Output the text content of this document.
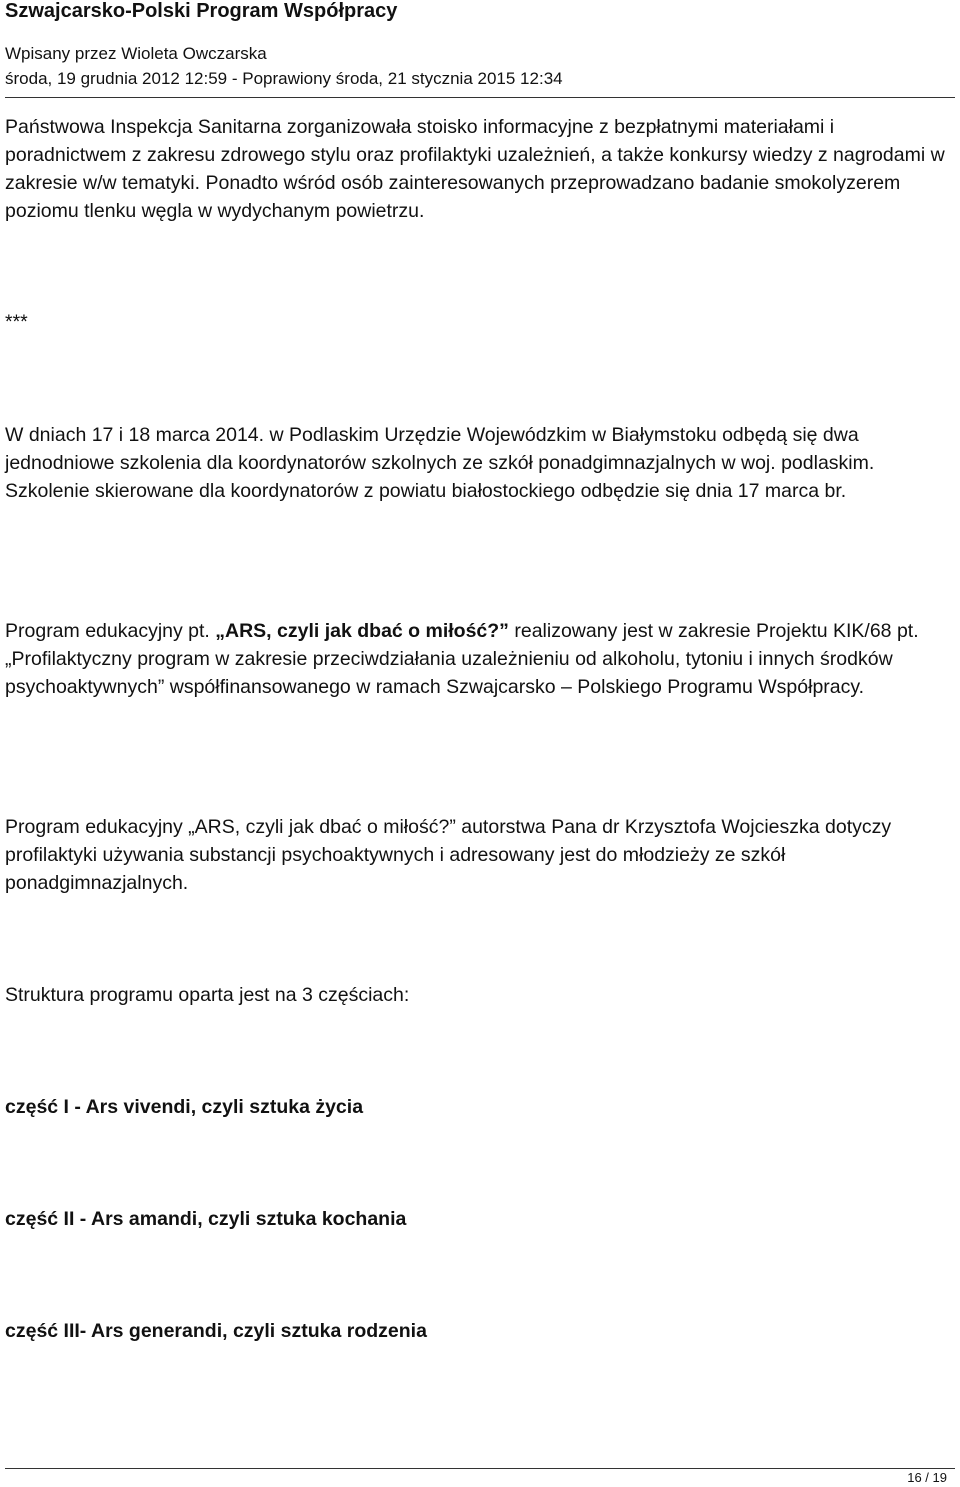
Szwajcarsko-Polski Program Współpracy
Wpisany przez Wioleta Owczarska
środa, 19 grudnia 2012 12:59 - Poprawiony środa, 21 stycznia 2015 12:34

Państwowa Inspekcja Sanitarna zorganizowała stoisko informacyjne z bezpłatnymi materiałami i poradnictwem z zakresu zdrowego stylu oraz profilaktyki uzależnień, a także konkursy wiedzy z nagrodami w zakresie w/w tematyki. Ponadto wśród osób zainteresowanych przeprowadzano badanie smokolyzerem poziomu tlenku węgla w wydychanym powietrzu.

***

W dniach 17 i 18 marca 2014. w Podlaskim Urzędzie Wojewódzkim w Białymstoku odbędą się dwa jednodniowe szkolenia dla koordynatorów szkolnych ze szkół ponadgimnazjalnych w woj. podlaskim. Szkolenie skierowane dla koordynatorów z powiatu białostockiego odbędzie się dnia 17 marca br.

Program edukacyjny pt. „ARS, czyli jak dbać o miłość?” realizowany jest w zakresie Projektu KIK/68 pt. „Profilaktyczny program w zakresie przeciwdziałania uzależnieniu od alkoholu, tytoniu i innych środków psychoaktywnych” współfinansowanego w ramach Szwajcarsko – Polskiego Programu Współpracy.

Program edukacyjny „ARS, czyli jak dbać o miłość?” autorstwa Pana dr Krzysztofa Wojcieszka dotyczy profilaktyki używania substancji psychoaktywnych i adresowany jest do młodzieży ze szkół ponadgimnazjalnych.

Struktura programu oparta jest na 3 częściach:

część I - Ars vivendi, czyli sztuka życia

część II - Ars amandi, czyli sztuka kochania

część III- Ars generandi, czyli sztuka rodzenia

16 / 19
